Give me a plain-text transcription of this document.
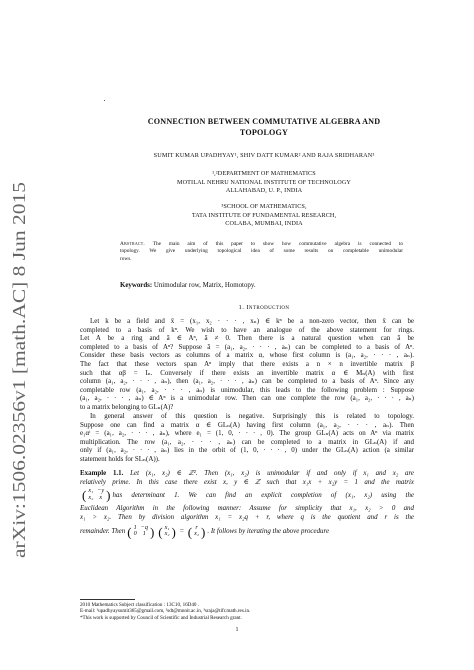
arXiv:1506.02356v1 [math.AC] 8 Jun 2015
CONNECTION BETWEEN COMMUTATIVE ALGEBRA AND
TOPOLOGY
SUMIT KUMAR UPADHYAY¹, SHIV DATT KUMAR² AND RAJA SRIDHARAN³
¹,²DEPARTMENT OF MATHEMATICS
MOTILAL NEHRU NATIONAL INSTITUTE OF TECHNOLOGY
ALLAHABAD, U. P., INDIA
³SCHOOL OF MATHEMATICS,
TATA INSTITUTE OF FUNDAMENTAL RESEARCH,
COLABA, MUMBAI, INDIA
Abstract. The main aim of this paper to show how commutative algebra is connected to
topology. We give underlying topological idea of some results on completable unimodular
rows.
Keywords: Unimodular row, Matrix, Homotopy.
1. Introduction
Let k be a field and x̄ = (x₁, x₂ · · · , xₙ) ∈ kⁿ be a non-zero vector, then x̄ can be
completed to a basis of kⁿ. We wish to have an analogue of the above statement for rings.
Let A be a ring and ā ∈ Aⁿ, ā ≠ 0. Then there is a natural question when can ā be
completed to a basis of Aⁿ? Suppose ā = (a₁, a₂, · · · , aₙ) can be completed to a basis of Aⁿ.
Consider these basis vectors as columns of a matrix α, whose first column is (a₁, a₂, · · · , aₙ).
The fact that these vectors span Aⁿ imply that there exists a n × n invertible matrix β
such that αβ = Iₙ. Conversely if there exists an invertible matrix α ∈ Mₙ(A) with first
column (a₁, a₂, · · · , aₙ), then (a₁, a₂, · · · , aₙ) can be completed to a basis of Aⁿ. Since any
completable row (a₁, a₂, · · · , aₙ) is unimodular, this leads to the following problem : Suppose
(a₁, a₂, · · · , aₙ) ∈ Aⁿ is a unimodular row. Then can one complete the row (a₁, a₂, · · · , aₙ)
to a matrix belonging to GLₙ(A)?
In general answer of this question is negative. Surprisingly this is related to topology.
Suppose one can find a matrix α ∈ GLₙ(A) having first column (a₁, a₂, · · · , aₙ). Then
e₁αᵗ = (a₁, a₂, · · · , aₙ), where e₁ = (1, 0, · · · , 0). The group GLₙ(A) acts on Aⁿ via matrix
multiplication. The row (a₁, a₂, · · · , aₙ) can be completed to a matrix in GLₙ(A) if and
only if (a₁, a₂, · · · , aₙ) lies in the orbit of (1, 0, · · · , 0) under the GLₙ(A) action (a similar
statement holds for SLₙ(A)).
Example 1.1. Let (x₁, x₂) ∈ ℤ². Then (x₁, x₂) is unimodular if and only if x₁ and x₂ are
relatively prime. In this case there exist x, y ∈ ℤ such that x₁x + x₂y = 1 and the matrix
( x₁	−y
x₂	x ) has determinant 1. We can find an explicit completion of (x₁, x₂) using the
Euclidean Algorithm in the following manner: Assume for simplicity that x₁, x₂ > 0 and
x₁ > x₂. Then by division algorithm x₁ = x₂q + r, where q is the quotient and r is the
remainder. Then ( 1	−q
0	1 ) ( x₁
x₂ ) = ( r
x₂ ) . It follows by iterating the above procedure
2010 Mathematics Subject classification : 13C10, 16D40 .
E-mail: ¹upadhyaysumit365@gmail.com, ²sdt@mnnit.ac.in, ³sraja@tifr.math.res.in.
*This work is supported by Council of Scientific and Industrial Research grant.
1
